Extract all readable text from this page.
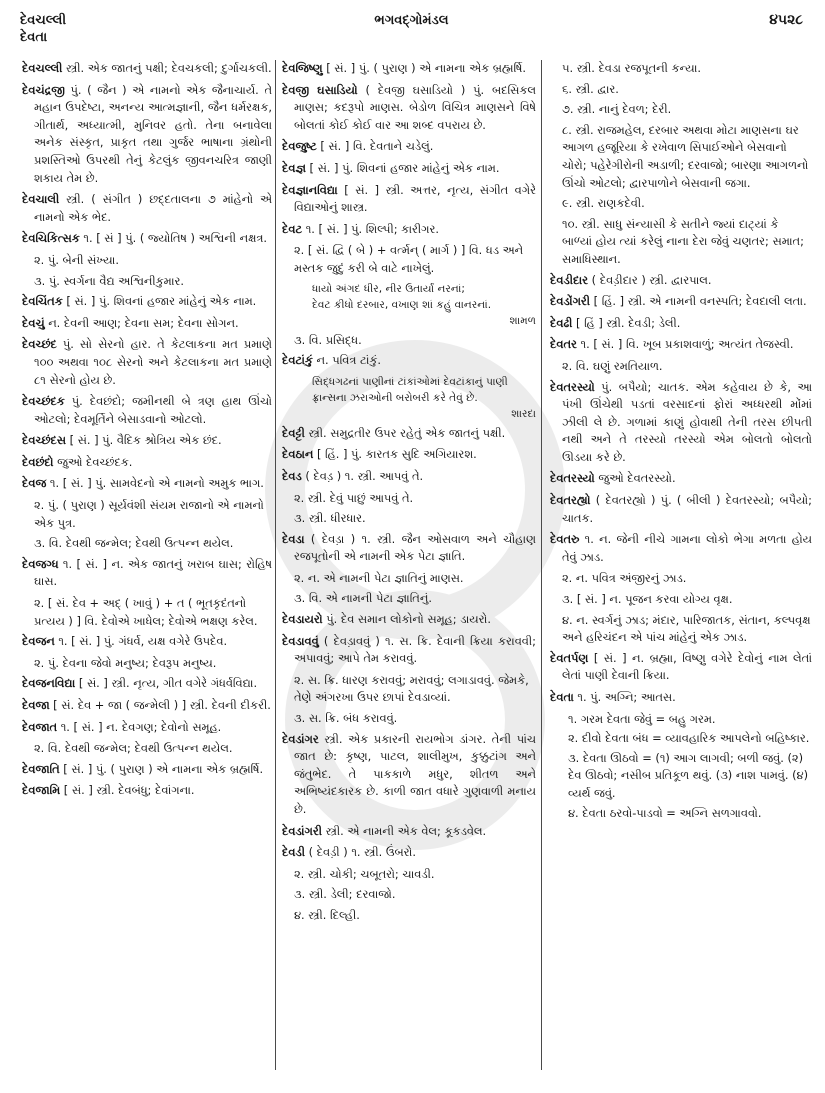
ભગવદ્ગોમંડલ
દેવચલ્લી
દેવતા
૪૫૨૮

દેવચલ્લી સ્ત્રી. એક જાતનું પક્ષી; દેવચકલી; દુર્ગાચકલી.

દેવચંદ્રજી પું. ( જૈન ) એ નામનો એક જૈનાચાર્ય. તે મહાન ઉપદેષ્ટા, અનન્ય આત્મજ્ઞાની, જૈન ધર્મરક્ષક, ગીતાર્થ, અધ્યાત્મી, મુનિવર હતો. તેના બનાવેલા અનેક સંસ્કૃત, પ્રાકૃત તથા ગુર્જર ભાષાના ગ્રંથોની પ્રશસ્તિઓ ઉપરથી તેનું કેટલુંક જીવનચરિત્ર જાણી શકાય તેમ છે.

દેવચાલી સ્ત્રી. ( સંગીત ) છદ્દતાલના ૭ માંહેનો એ નામનો એક ભેદ.

દેવચિકિત્સક ૧. [ સં ] પું. ( જ્યોતિષ ) અશ્વિની નક્ષત્ર.

૨. પું. બેની સંખ્યા.

૩. પું. સ્વર્ગના વૈદ્ય અશ્વિનીકુમાર.

દેવચિંતક [ સં. ] પું. શિવનાં હજાર માંહેનું એક નામ.

દેવચું ન. દેવની આણ; દેવના સમ; દેવના સોગન.

દેવચ્છંદ પું. સો સેરનો હાર. તે કેટલાકના મત પ્રમાણે ૧૦૦ અથવા ૧૦૮ સેરનો અને કેટલાકના મત પ્રમાણે ૮૧ સેરનો હોય છે.

દેવચ્છંદક પું. દેવછંદો; જમીનથી બે ત્રણ હાથ ઊંચો ઓટલો; દેવમૂર્તિને બેસાડવાનો ઓટલો.

દેવચ્છંદસ [ સં. ] પું. વૈદિક શ્રોત્રિય એક છંદ.

દેવછંદો જુઓ દેવચ્છંદક.

દેવજ ૧. [ સં. ] પું. સામવેદનો એ નામનો અમુક ભાગ.

૨. પું. ( પુરાણ ) સૂર્યવંશી સંયમ રાજાનો એ નામનો એક પુત્ર.

૩. વિ. દેવથી જન્મેલ; દેવથી ઉત્પન્ન થયેલ.

દેવજગ્ધ ૧. [ સં. ] ન. એક જાતનું ખરાબ ઘાસ; રોહિષ ઘાસ.

૨. [ સં. દેવ + અદ્ ( ખાવું ) + ત ( ભૂતકૃદંતનો પ્રત્યય ) ] વિ. દેવોએ ખાધેલ; દેવોએ ભક્ષણ કરેલ.

દેવજન ૧. [ સં. ] પું. ગંધર્વ, યક્ષ વગેરે ઉપદેવ.

૨. પું. દેવના જેવો મનુષ્ય; દેવરૂપ મનુષ્ય.

દેવજનવિદ્યા [ સં. ] સ્ત્રી. નૃત્ય, ગીત વગેરે ગંધર્વવિદ્યા.

દેવજા [ સં. દેવ + જા ( જન્મેલી ) ] સ્ત્રી. દેવની દીકરી.

દેવજાત ૧. [ સં. ] ન. દેવગણ; દેવોનો સમૂહ.

૨. વિ. દેવથી જન્મેલ; દેવથી ઉત્પન્ન થયેલ.

દેવજાતિ [ સં. ] પું. ( પુરાણ ) એ નામના એક બ્રહ્મર્ષિ.

દેવજામિ [ સં. ] સ્ત્રી. દેવબંધુ; દેવાંગના.

દેવજિષ્ણુ [ સં. ] પું. ( પુરાણ ) એ નામના એક બ્રહ્મર્ષિ.

દેવજી ઘસાડિયો ( દેવજી ઘસાડિયો ) પું. બદસિકલ માણસ; કદરૂપો માણસ. બેડોળ વિચિત્ર માણસને વિષે બોલતાં કોઈ કોઈ વાર આ શબ્દ વપરાય છે.

દેવજુષ્ટ [ સં. ] વિ. દેવતાને ચડેલું.

દેવજ્ઞ [ સં. ] પું. શિવનાં હજાર માંહેનું એક નામ.

દેવજ્ઞાનવિદ્યા [ સં. ] સ્ત્રી. અત્તર, નૃત્ય, સંગીત વગેરે વિદ્યાઓનું શાસ્ત્ર.

દેવટ ૧. [ સં. ] પું. શિલ્પી; કારીગર.

૨. [ સં. દ્વિ ( બે ) + વર્ત્મન્ ( માર્ગ ) ] વિ. ધડ અને મસ્તક જુદું કરી બે વાટે નાખેલું.

ધાયો અંગદ ધીર, નીર ઉતાર્યાં નરનાં;

દેવટ કીધો દરબાર, વખાણ શાં કહું વાનરનાં.

શામળ

૩. વિ. પ્રસિદ્ધ.

દેવટાંકું ન. પવિત્ર ટાંકું.

સિદ્ધગઢનાં પાણીનાં ટાંકાંઓમાં દેવટાંકાનું પાણી ફ્રાન્સના ઝરાઓની બરોબરી કરે તેવું છે.

શારદા

દેવટ્ટી સ્ત્રી. સમુદ્રતીર ઉપર રહેતું એક જાતનું પક્ષી.

દેવઠાન [ હિં. ] પું. કારતક સુદિ અગિયારશ.

દેવડ ( દેવડ઼ ) ૧. સ્ત્રી. આપવું તે.

૨. સ્ત્રી. દેવું પાછું આપવું તે.

૩. સ્ત્રી. ધીરધાર.

દેવડા ( દેવડ઼ા ) ૧. સ્ત્રી. જૈન ઓસવાળ અને ચૌહાણ રજપૂતોની એ નામની એક પેટા જ્ઞાતિ.

૨. ન. એ નામની પેટા જ્ઞાતિનું માણસ.

૩. વિ. એ નામની પેટા જ્ઞાતિનું.

દેવડાયરો પું. દેવ સમાન લોકોનો સમૂહ; ડાયરો.

દેવડાવવું ( દેવડ઼ાવવું ) ૧. સ. ક્રિ. દેવાની ક્રિયા કરાવવી; અપાવવું; આપે તેમ કરાવવું.

૨. સ. ક્રિ. ધારણ કરાવવું; મરાવવું; લગાડાવવું. જેમકે, તેણે અંગરખા ઉપર છાપાં દેવડાવ્યાં.

૩. સ. ક્રિ. બંધ કરાવવું.

દેવડાંગર સ્ત્રી. એક પ્રકારની રાયભોગ ડાંગર. તેની પાંચ જાત છે: કૃષ્ણ, પાટલ, શાલીમુખ, કુક્કુટાંગ અને જંતુભેદ. તે પાકકાળે મધુર, શીતળ અને અભિષ્યંદકારક છે. કાળી જાત વધારે ગુણવાળી મનાય છે.

દેવડાંગરી સ્ત્રી. એ નામની એક વેલ; કૂકડવેલ.

દેવડી ( દેવડ઼ી ) ૧. સ્ત્રી. ઉંબરો.

૨. સ્ત્રી. ચોકી; ચબૂતરો; ચાવડી.

૩. સ્ત્રી. ડેલી; દરવાજો.

૪. સ્ત્રી. દિલ્હી.

૫. સ્ત્રી. દેવડા રજપૂતની કન્યા.

૬. સ્ત્રી. દ્વાર.

૭. સ્ત્રી. નાનું દેવળ; દેરી.

૮. સ્ત્રી. રાજમહેલ, દરબાર અથવા મોટા માણસના ઘર આગળ હજૂરિયા કે રખેવાળ સિપાઈઓને બેસવાનો ચોરો; પહેરેગીરોની અડાળી; દરવાજો; બારણા આગળનો ઊંચો ઓટલો; દ્વારપાળોને બેસવાની જગા.

૯. સ્ત્રી. રાણકદેવી.

૧૦. સ્ત્રી. સાધુ સંન્યાસી કે સતીને જ્યાં દાટ્યાં કે બાળ્યાં હોય ત્યાં કરેલું નાના દેરા જેવું ચણતર; સમાત; સમાધિસ્થાન.

દેવડીદાર ( દેવડ઼ીદાર ) સ્ત્રી. દ્વારપાલ.

દેવડોંગરી [ હિં. ] સ્ત્રી. એ નામની વનસ્પતિ; દેવદાલી લતા.

દેવઢી [ હિં ] સ્ત્રી. દેવડી; ડેલી.

દેવતર ૧. [ સં. ] વિ. ખૂબ પ્રકાશવાળું; અત્યંત તેજસ્વી.

૨. વિ. ઘણું રમતિયાળ.

દેવતરસ્યો પું. બપૈયો; ચાતક. એમ કહેવાય છે કે, આ પંખી ઊંચેથી પડતાં વરસાદનાં ફોરાં અધ્ધરથી મોંમાં ઝીલી લે છે. ગળામાં કાણું હોવાથી તેની તરસ છીપતી નથી અને તે તરસ્યો તરસ્યો એમ બોલતો બોલતો ઊડયા કરે છે.

દેવતરસ્યો જુઓ દેવતરસ્યો.

દેવતરહ્યો ( દેવતરહ્યો ) પું. ( બીલી ) દેવતરસ્યો; બપૈયો; ચાતક.

દેવતરુ ૧. ન. જેની નીચે ગામના લોકો ભેગા મળતા હોય તેવું ઝાડ.

૨. ન. પવિત્ર અંજીરનું ઝાડ.

૩. [ સં. ] ન. પૂજન કરવા યોગ્ય વૃક્ષ.

૪. ન. સ્વર્ગનું ઝાડ; મંદાર, પારિજાતક, સંતાન, કલ્પવૃક્ષ અને હરિચંદન એ પાંચ માંહેનું એક ઝાડ.

દેવતર્પણ [ સં. ] ન. બ્રહ્મા, વિષ્ણુ વગેરે દેવોનું નામ લેતાં લેતાં પાણી દેવાની ક્રિયા.

દેવતા ૧. પું. અગ્નિ; આતસ.

૧. ગરમ દેવતા જેવું = બહુ ગરમ.

૨. દીવો દેવતા બંધ = વ્યાવહારિક આપલેનો બહિષ્કાર.

૩. દેવતા ઊઠવો = (૧) આગ લાગવી; બળી જવું. (૨) દેવ ઊઠવો; નસીબ પ્રતિકૂળ થવું. (૩) નાશ પામવું. (૪) વ્યર્થ જવું.

૪. દેવતા ઠરવો-પાડવો = અગ્નિ સળગાવવો.
